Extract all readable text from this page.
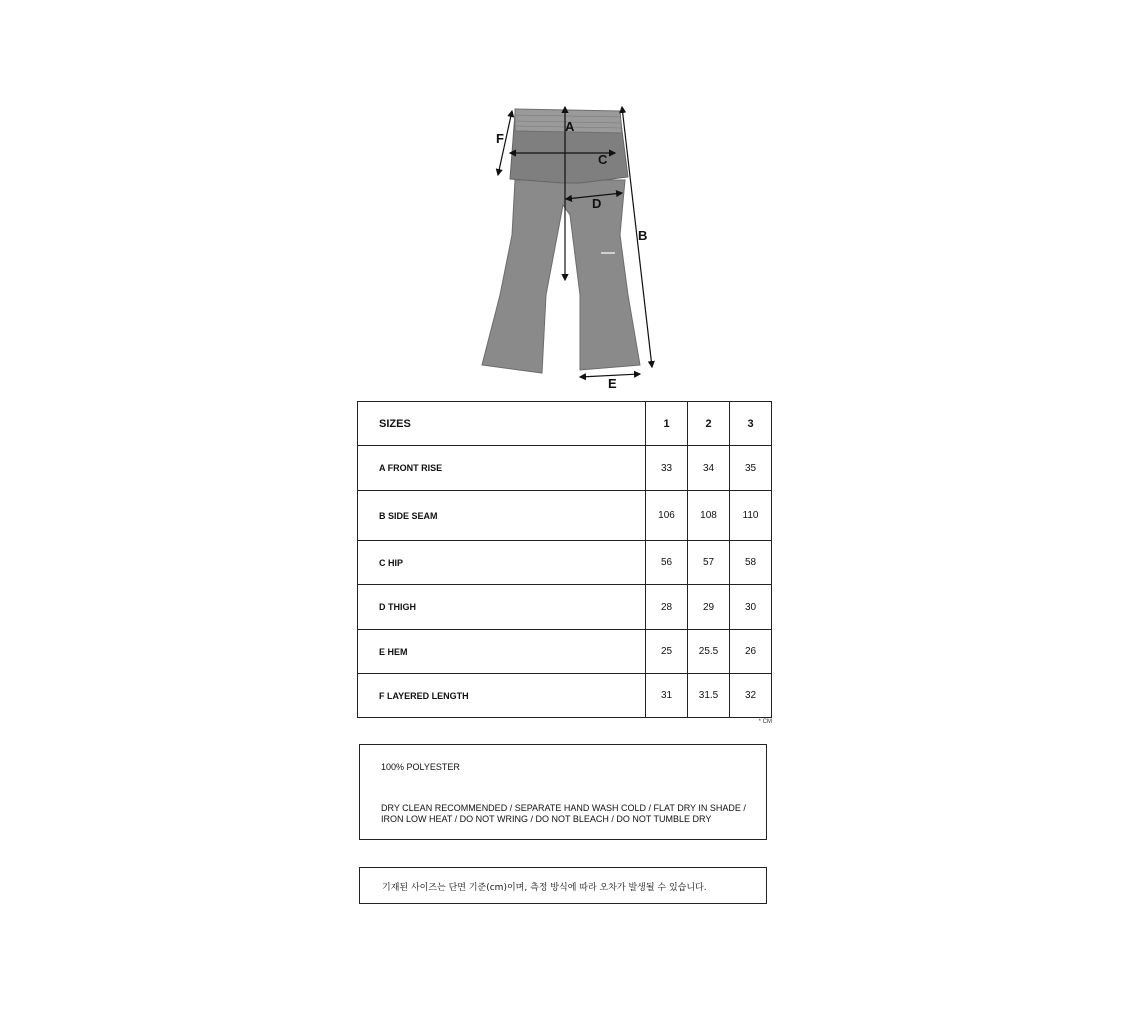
A
B
C
D
E
F
SIZES	1	2	3
A FRONT RISE	33	34	35
B SIDE SEAM	106	108	110
C HIP	56	57	58
D THIGH	28	29	30
E HEM	25	25.5	26
F LAYERED LENGTH	31	31.5	32
* CM
100% POLYESTER
DRY CLEAN RECOMMENDED / SEPARATE HAND WASH COLD / FLAT DRY IN SHADE /
IRON LOW HEAT / DO NOT WRING / DO NOT BLEACH / DO NOT TUMBLE DRY
기재된 사이즈는 단면 기준(cm)이며, 측정 방식에 따라 오차가 발생될 수 있습니다.
